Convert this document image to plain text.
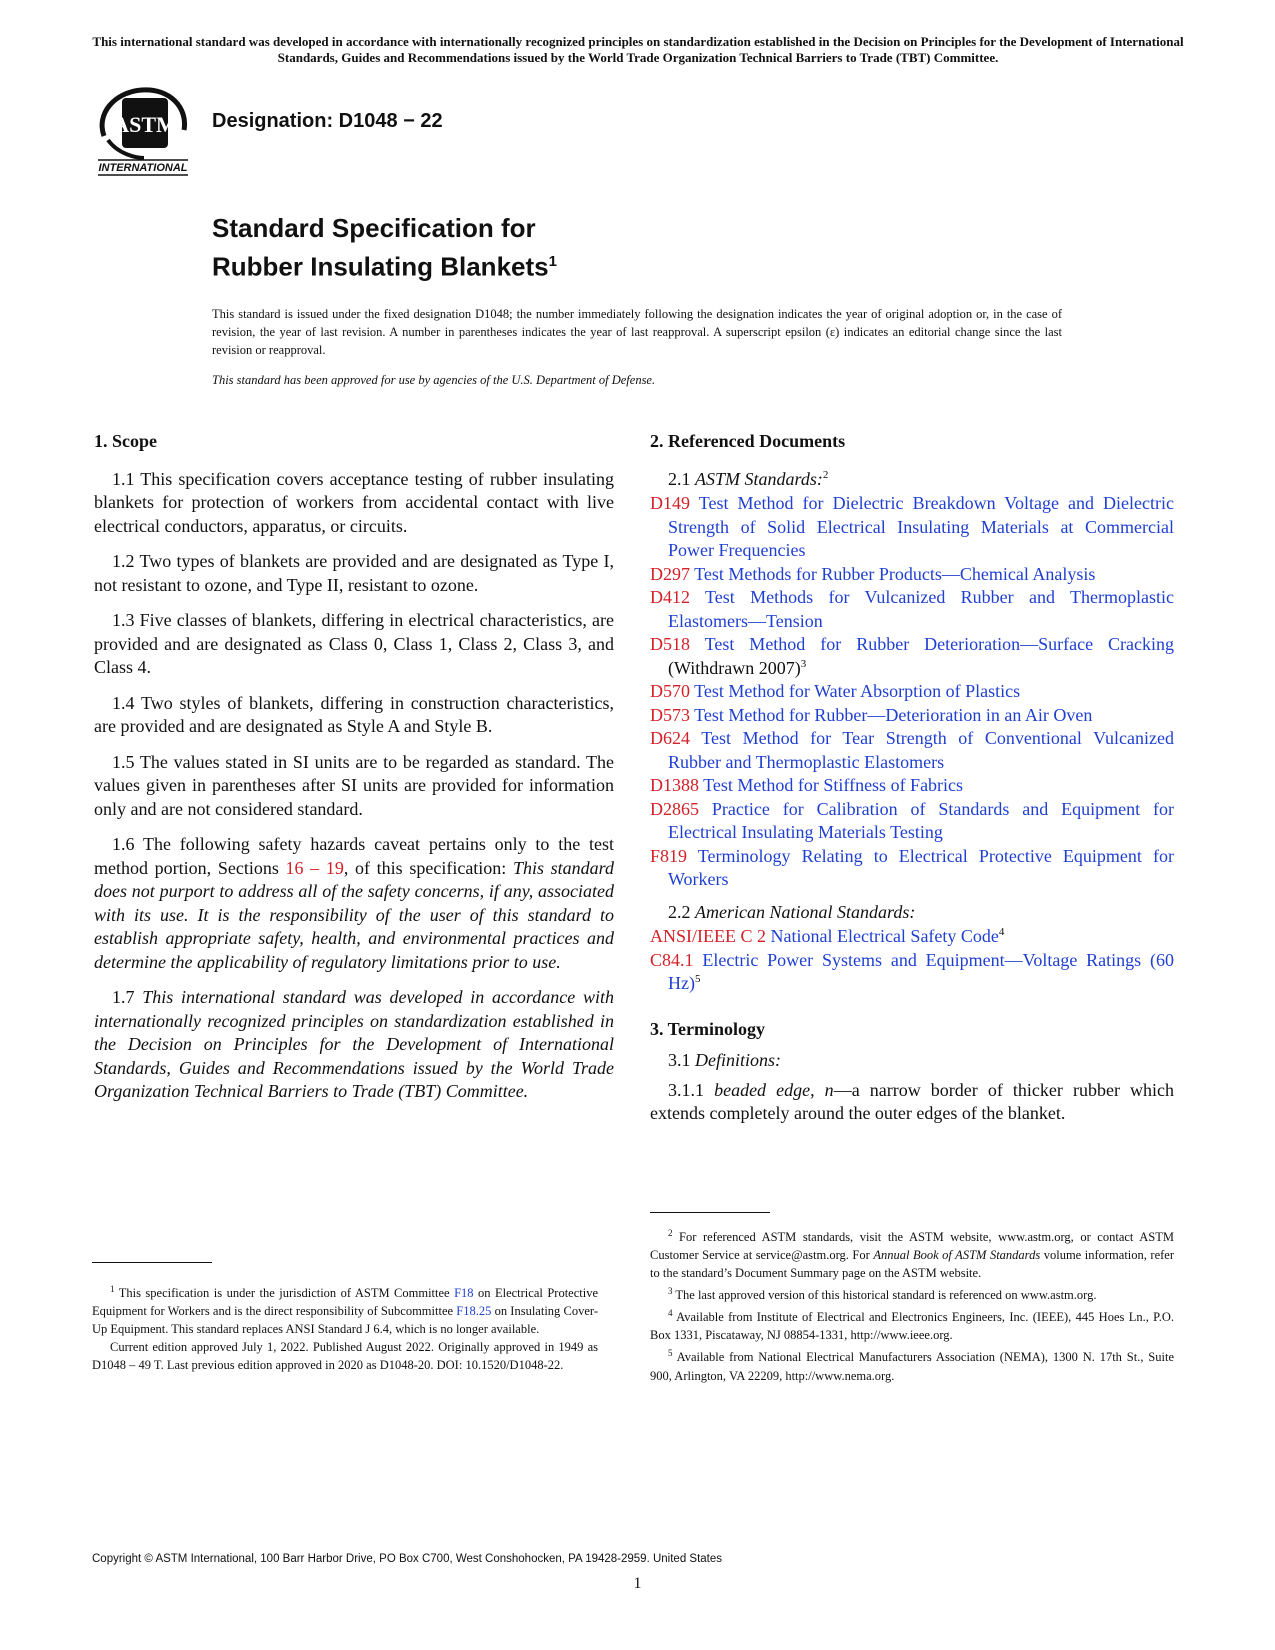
This international standard was developed in accordance with internationally recognized principles on standardization established in the Decision on Principles for the Development of International Standards, Guides and Recommendations issued by the World Trade Organization Technical Barriers to Trade (TBT) Committee.

ASTM
INTERNATIONAL

Designation: D1048 − 22

Standard Specification for
Rubber Insulating Blankets$^1$

This standard is issued under the fixed designation D1048; the number immediately following the designation indicates the year of original adoption or, in the case of revision, the year of last revision. A number in parentheses indicates the year of last reapproval. A superscript epsilon (ε) indicates an editorial change since the last revision or reapproval.

This standard has been approved for use by agencies of the U.S. Department of Defense.

1. Scope

1.1 This specification covers acceptance testing of rubber insulating blankets for protection of workers from accidental contact with live electrical conductors, apparatus, or circuits.

1.2 Two types of blankets are provided and are designated as Type I, not resistant to ozone, and Type II, resistant to ozone.

1.3 Five classes of blankets, differing in electrical characteristics, are provided and are designated as Class 0, Class 1, Class 2, Class 3, and Class 4.

1.4 Two styles of blankets, differing in construction characteristics, are provided and are designated as Style A and Style B.

1.5 The values stated in SI units are to be regarded as standard. The values given in parentheses after SI units are provided for information only and are not considered standard.

1.6 The following safety hazards caveat pertains only to the test method portion, Sections 16 – 19, of this specification: This standard does not purport to address all of the safety concerns, if any, associated with its use. It is the responsibility of the user of this standard to establish appropriate safety, health, and environmental practices and determine the applicability of regulatory limitations prior to use.

1.7 This international standard was developed in accordance with internationally recognized principles on standardization established in the Decision on Principles for the Development of International Standards, Guides and Recommendations issued by the World Trade Organization Technical Barriers to Trade (TBT) Committee.

2. Referenced Documents

2.1 ASTM Standards:$^2$

D149 Test Method for Dielectric Breakdown Voltage and Dielectric Strength of Solid Electrical Insulating Materials at Commercial Power Frequencies

D297 Test Methods for Rubber Products—Chemical Analysis

D412 Test Methods for Vulcanized Rubber and Thermoplastic Elastomers—Tension

D518 Test Method for Rubber Deterioration—Surface Cracking (Withdrawn 2007)$^3$

D570 Test Method for Water Absorption of Plastics

D573 Test Method for Rubber—Deterioration in an Air Oven

D624 Test Method for Tear Strength of Conventional Vulcanized Rubber and Thermoplastic Elastomers

D1388 Test Method for Stiffness of Fabrics

D2865 Practice for Calibration of Standards and Equipment for Electrical Insulating Materials Testing

F819 Terminology Relating to Electrical Protective Equipment for Workers

2.2 American National Standards:

ANSI/IEEE C 2 National Electrical Safety Code$^4$

C84.1 Electric Power Systems and Equipment—Voltage Ratings (60 Hz)$^5$

3. Terminology

3.1 Definitions:

3.1.1 beaded edge, n—a narrow border of thicker rubber which extends completely around the outer edges of the blanket.

$^1$ This specification is under the jurisdiction of ASTM Committee F18 on Electrical Protective Equipment for Workers and is the direct responsibility of Subcommittee F18.25 on Insulating Cover-Up Equipment. This standard replaces ANSI Standard J 6.4, which is no longer available.

Current edition approved July 1, 2022. Published August 2022. Originally approved in 1949 as D1048 – 49 T. Last previous edition approved in 2020 as D1048-20. DOI: 10.1520/D1048-22.

$^2$ For referenced ASTM standards, visit the ASTM website, www.astm.org, or contact ASTM Customer Service at service@astm.org. For Annual Book of ASTM Standards volume information, refer to the standard’s Document Summary page on the ASTM website.

$^3$ The last approved version of this historical standard is referenced on www.astm.org.

$^4$ Available from Institute of Electrical and Electronics Engineers, Inc. (IEEE), 445 Hoes Ln., P.O. Box 1331, Piscataway, NJ 08854-1331, http://www.ieee.org.

$^5$ Available from National Electrical Manufacturers Association (NEMA), 1300 N. 17th St., Suite 900, Arlington, VA 22209, http://www.nema.org.

Copyright © ASTM International, 100 Barr Harbor Drive, PO Box C700, West Conshohocken, PA 19428-2959. United States

1
